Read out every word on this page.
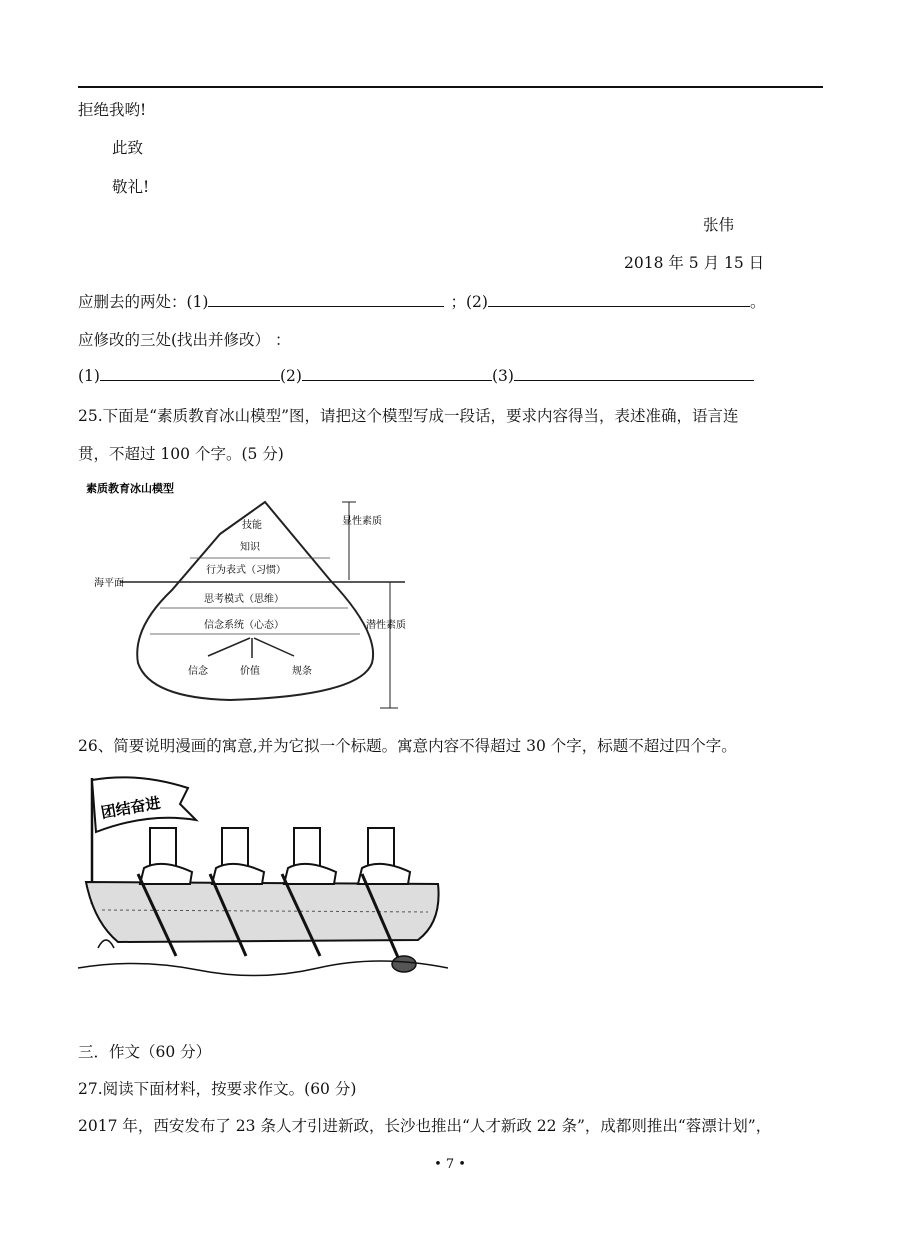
拒绝我哟!
此致
敬礼!
张伟
2018 年 5 月 15 日
应删去的两处：(1)	；(2)	。
应修改的三处(找出并修改） ：
(1)	(2)	(3)
25.下面是“素质教育冰山模型”图，请把这个模型写成一段话，要求内容得当，表述准确，语言连
贯，不超过 100 个字。(5 分)
素质教育冰山模型
海平面
技能
知识
行为表式（习惯）
思考模式（思维）
信念系统（心态）
信念	价值	规条
显性素质
潜性素质
26、简要说明漫画的寓意,并为它拟一个标题。寓意内容不得超过 30 个字，标题不超过四个字。
团结奋进
三．作文（60 分）
27.阅读下面材料，按要求作文。(60 分)
2017 年，西安发布了 23 条人才引进新政，长沙也推出“人才新政 22 条”，成都则推出“蓉漂计划”，
• 7 •
